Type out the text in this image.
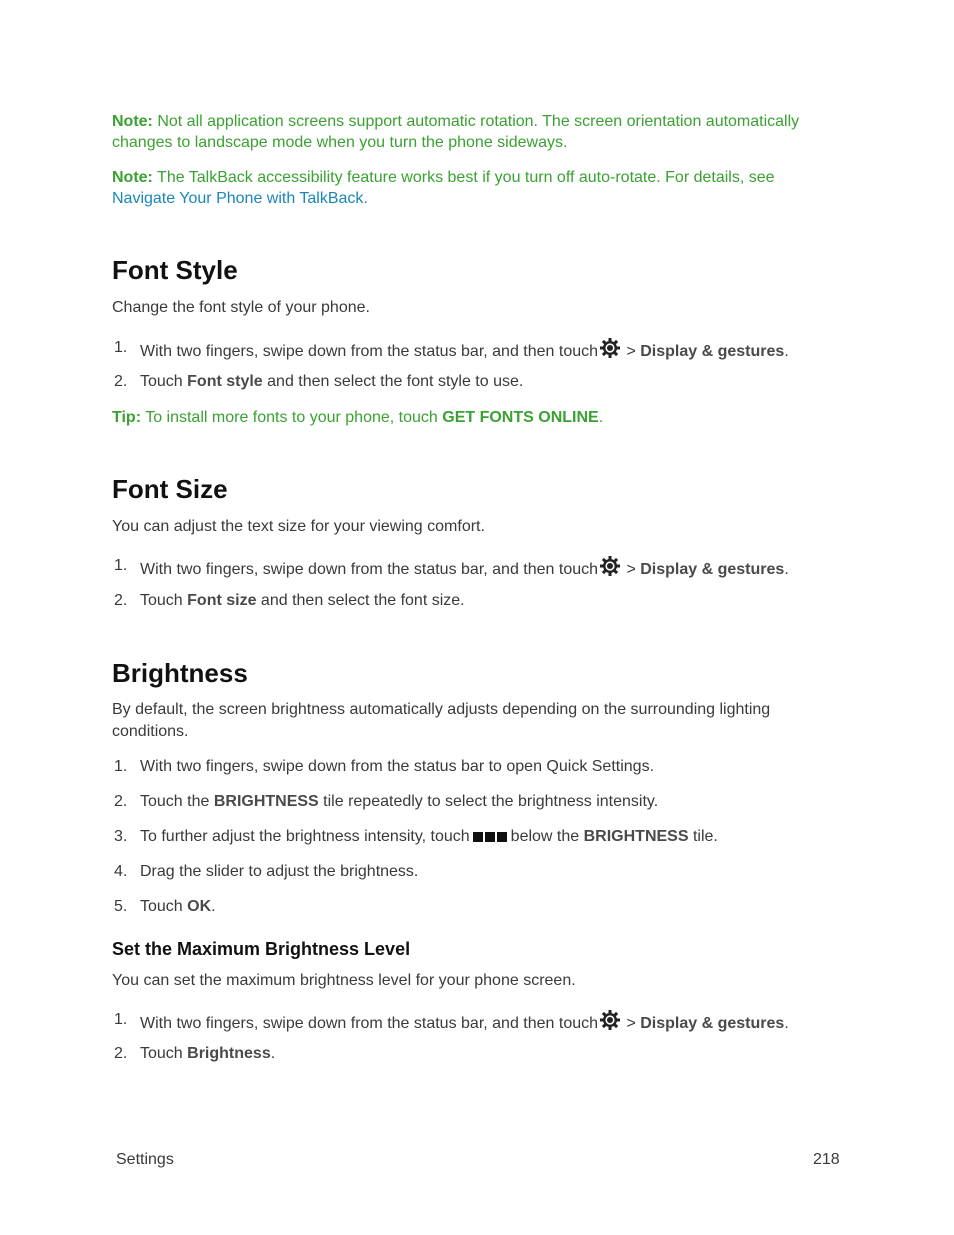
Note: Not all application screens support automatic rotation. The screen orientation automatically changes to landscape mode when you turn the phone sideways.
Note: The TalkBack accessibility feature works best if you turn off auto-rotate. For details, see
Navigate Your Phone with TalkBack.
Font Style
Change the font style of your phone.
1. With two fingers, swipe down from the status bar, and then touch > Display & gestures.
2. Touch Font style and then select the font style to use.
Tip: To install more fonts to your phone, touch GET FONTS ONLINE.
Font Size
You can adjust the text size for your viewing comfort.
1. With two fingers, swipe down from the status bar, and then touch > Display & gestures.
2. Touch Font size and then select the font size.
Brightness
By default, the screen brightness automatically adjusts depending on the surrounding lighting conditions.
1. With two fingers, swipe down from the status bar to open Quick Settings.
2. Touch the BRIGHTNESS tile repeatedly to select the brightness intensity.
3. To further adjust the brightness intensity, touch	below the BRIGHTNESS tile.
4. Drag the slider to adjust the brightness.
5. Touch OK.
Set the Maximum Brightness Level
You can set the maximum brightness level for your phone screen.
1. With two fingers, swipe down from the status bar, and then touch > Display & gestures.
2. Touch Brightness.
Settings	218
